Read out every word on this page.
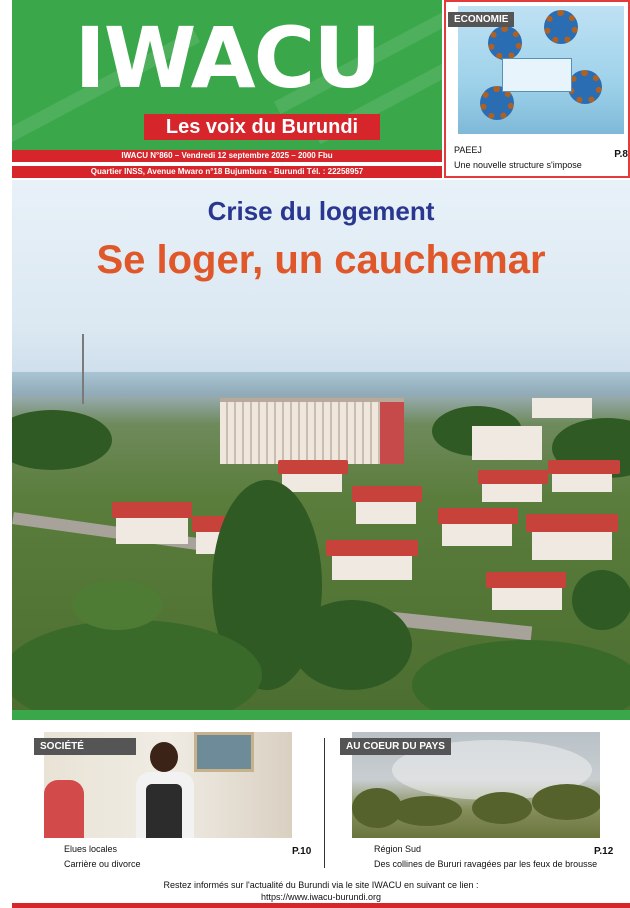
IWACU
Les voix du Burundi
IWACU N°860 – Vendredi 12 septembre 2025 – 2000 Fbu
Quartier INSS, Avenue Mwaro n°18 Bujumbura - Burundi Tél. : 22258957
ECONOMIE
PAEEJ
Une nouvelle structure s'impose
P.8
Crise du logement
Se loger, un cauchemar
SOCIÉTÉ
Elues locales
Carrière ou divorce
P.10
AU COEUR DU PAYS
Région Sud
Des collines de Bururi ravagées par les feux de brousse
P.12
Restez informés sur l'actualité du Burundi via le site IWACU en suivant ce lien :
https://www.iwacu-burundi.org
